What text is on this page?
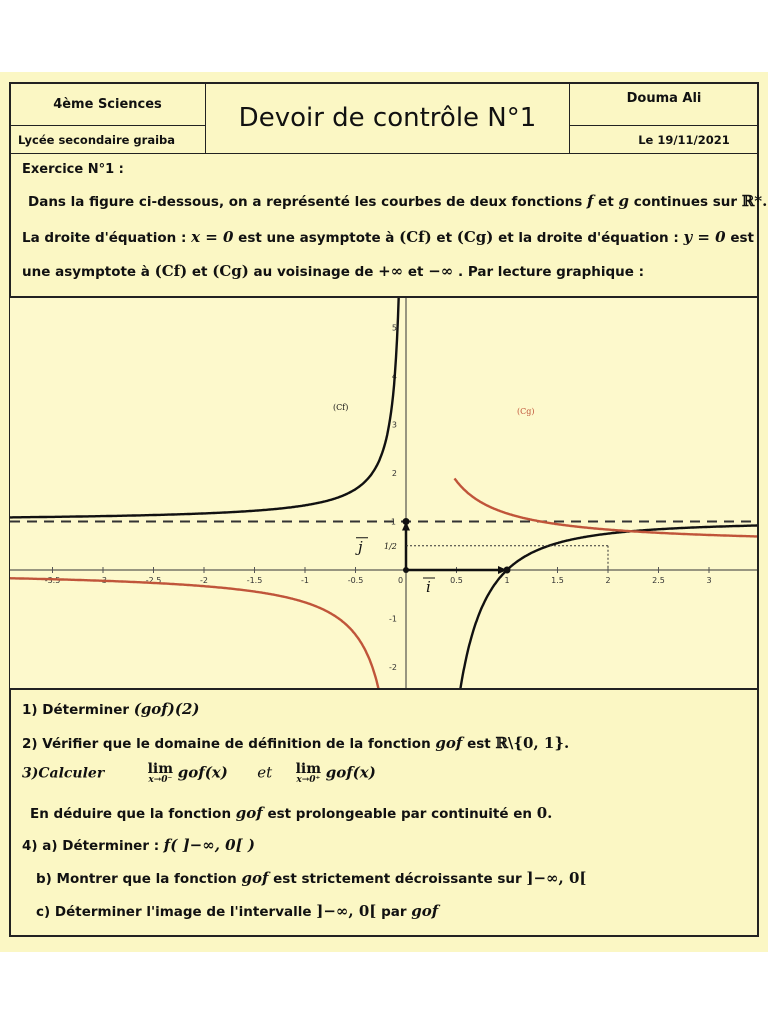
4ème Sciences	Devoir de contrôle N°1
Douma Ali
Lycée secondaire graiba	Le 19/11/2021
Exercice N°1 :
Dans la figure ci-dessous, on a représenté les courbes de deux fonctions f et g continues sur ℝ*.
La droite d'équation : x = 0 est une asymptote à (Cf) et (Cg) et la droite d'équation : y = 0 est
une asymptote à (Cf) et (Cg) au voisinage de +∞ et −∞ . Par lecture graphique :
-3.5	-3	-2.5	-2	-1.5	-1	-0.5	0.5	1	1.5	2	2.5	3
0
5
4
3
2
-1
-2
1
1/2
j
i
(Cf)	(Cg)
1) Déterminer (gof)(2)
2) Vérifier que le domaine de définition de la fonction gof est ℝ\{0, 1}.
3)Calculer	lim
x→0⁻ gof(x) et lim
x→0⁺ gof(x)
En déduire que la fonction gof est prolongeable par continuité en 0.
4) a) Déterminer : f( ]−∞, 0[ )
b) Montrer que la fonction gof est strictement décroissante sur ]−∞, 0[
c) Déterminer l'image de l'intervalle ]−∞, 0[ par gof
